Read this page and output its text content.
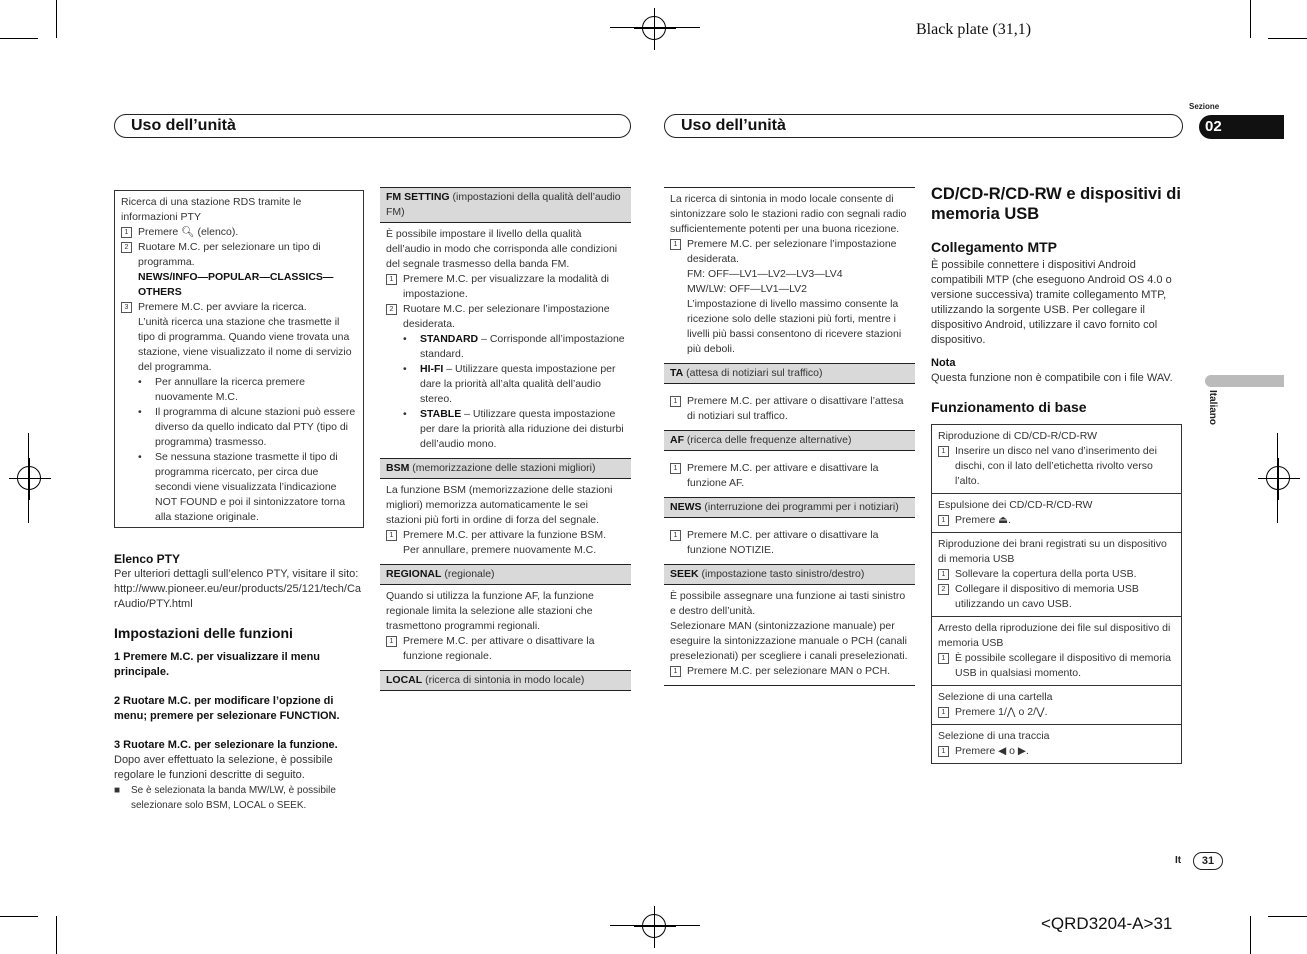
Black plate (31,1)
Sezione
02
Uso dell’unità	Uso dell’unità
Italiano
Ricerca di una stazione RDS tramite le informazioni PTY
1 Premere 🔍︎ (elenco).
2 Ruotare M.C. per selezionare un tipo di programma.
NEWS/INFO—POPULAR—CLASSICS—OTHERS
3 Premere M.C. per avviare la ricerca.
L’unità ricerca una stazione che trasmette il tipo di programma. Quando viene trovata una stazione, viene visualizzato il nome di servizio del programma.
•	Per annullare la ricerca premere nuovamente M.C.
•	Il programma di alcune stazioni può essere diverso da quello indicato dal PTY (tipo di programma) trasmesso.
•	Se nessuna stazione trasmette il tipo di programma ricercato, per circa due secondi viene visualizzata l’indicazione NOT FOUND e poi il sintonizzatore torna alla stazione originale.
Elenco PTY
Per ulteriori dettagli sull’elenco PTY, visitare il sito:
http://www.pioneer.eu/eur/products/25/121/tech/CarAudio/PTY.html
Impostazioni delle funzioni
1 Premere M.C. per visualizzare il menu principale.
2 Ruotare M.C. per modificare l’opzione di menu; premere per selezionare FUNCTION.
3 Ruotare M.C. per selezionare la funzione.
Dopo aver effettuato la selezione, è possibile regolare le funzioni descritte di seguito.
■	Se è selezionata la banda MW/LW, è possibile selezionare solo BSM, LOCAL o SEEK.
FM SETTING (impostazioni della qualità dell’audio FM)
È possibile impostare il livello della qualità dell’audio in modo che corrisponda alle condizioni del segnale trasmesso della banda FM.
1 Premere M.C. per visualizzare la modalità di impostazione.
2 Ruotare M.C. per selezionare l’impostazione desiderata.
•	STANDARD – Corrisponde all’impostazione standard.
•	HI-FI – Utilizzare questa impostazione per dare la priorità all’alta qualità dell’audio stereo.
•	STABLE – Utilizzare questa impostazione per dare la priorità alla riduzione dei disturbi dell’audio mono.
BSM (memorizzazione delle stazioni migliori)
La funzione BSM (memorizzazione delle stazioni migliori) memorizza automaticamente le sei stazioni più forti in ordine di forza del segnale.
1 Premere M.C. per attivare la funzione BSM.
Per annullare, premere nuovamente M.C.
REGIONAL (regionale)
Quando si utilizza la funzione AF, la funzione regionale limita la selezione alle stazioni che trasmettono programmi regionali.
1 Premere M.C. per attivare o disattivare la funzione regionale.
LOCAL (ricerca di sintonia in modo locale)
La ricerca di sintonia in modo locale consente di sintonizzare solo le stazioni radio con segnali radio sufficientemente potenti per una buona ricezione.
1 Premere M.C. per selezionare l’impostazione desiderata.
FM: OFF—LV1—LV2—LV3—LV4
MW/LW: OFF—LV1—LV2
L’impostazione di livello massimo consente la ricezione solo delle stazioni più forti, mentre i livelli più bassi consentono di ricevere stazioni più deboli.
TA (attesa di notiziari sul traffico)
1 Premere M.C. per attivare o disattivare l’attesa di notiziari sul traffico.
AF (ricerca delle frequenze alternative)
1 Premere M.C. per attivare e disattivare la funzione AF.
NEWS (interruzione dei programmi per i notiziari)
1 Premere M.C. per attivare o disattivare la funzione NOTIZIE.
SEEK (impostazione tasto sinistro/destro)
È possibile assegnare una funzione ai tasti sinistro e destro dell’unità.
Selezionare MAN (sintonizzazione manuale) per eseguire la sintonizzazione manuale o PCH (canali preselezionati) per scegliere i canali preselezionati.
1 Premere M.C. per selezionare MAN o PCH.
CD/CD-R/CD-RW e dispositivi di memoria USB
Collegamento MTP
È possibile connettere i dispositivi Android compatibili MTP (che eseguono Android OS 4.0 o versione successiva) tramite collegamento MTP, utilizzando la sorgente USB. Per collegare il dispositivo Android, utilizzare il cavo fornito col dispositivo.
Nota
Questa funzione non è compatibile con i file WAV.
Funzionamento di base
Riproduzione di CD/CD-R/CD-RW
1 Inserire un disco nel vano d’inserimento dei dischi, con il lato dell’etichetta rivolto verso l’alto.
Espulsione dei CD/CD-R/CD-RW
1 Premere ⏏.
Riproduzione dei brani registrati su un dispositivo di memoria USB
1 Sollevare la copertura della porta USB.
2 Collegare il dispositivo di memoria USB utilizzando un cavo USB.
Arresto della riproduzione dei file sul dispositivo di memoria USB
1 È possibile scollegare il dispositivo di memoria USB in qualsiasi momento.
Selezione di una cartella
1 Premere 1/⋀ o 2/⋁.
Selezione di una traccia
1 Premere ◀ o ▶.
It	31
<QRD3204-A>31
